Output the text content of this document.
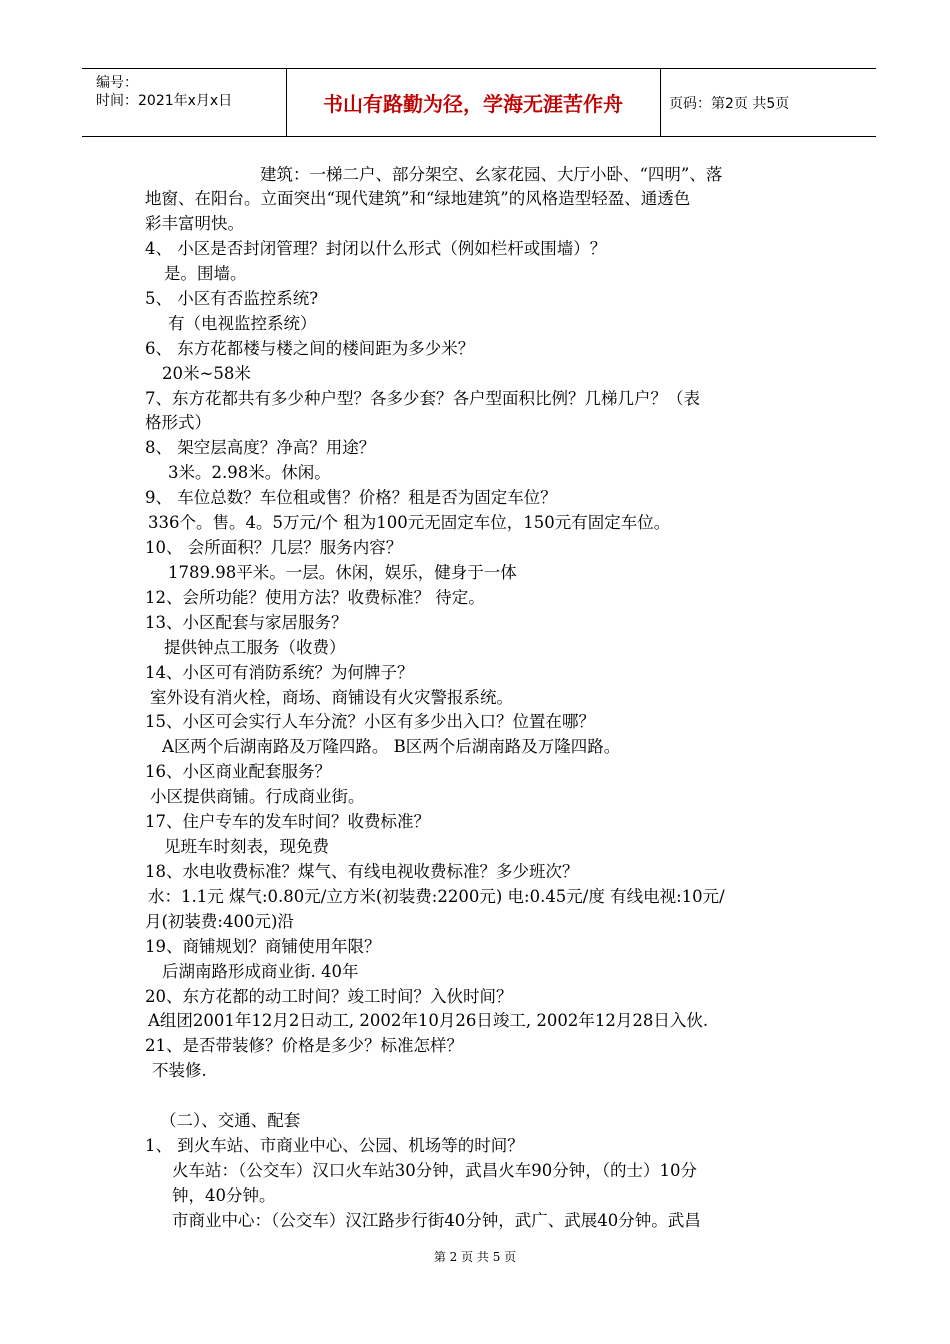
编号：
时间：2021年x月x日	书山有路勤为径，学海无涯苦作舟	页码：第2页 共5页
建筑：一梯二户、部分架空、幺家花园、大厅小卧、“四明”、落
地窗、在阳台。立面突出“现代建筑”和“绿地建筑”的风格造型轻盈、通透色
彩丰富明快。
4、 小区是否封闭管理？封闭以什么形式（例如栏杆或围墙）？
是。围墙。
5、 小区有否监控系统?
有（电视监控系统）
6、 东方花都楼与楼之间的楼间距为多少米？
20米~58米
7、东方花都共有多少种户型？各多少套？各户型面积比例？几梯几户？（表
格形式）
8、 架空层高度？净高？用途？
3米。2.98米。休闲。
9、 车位总数？车位租或售？价格？租是否为固定车位？
336个。售。4。5万元/个 租为100元无固定车位，150元有固定车位。
10、 会所面积？几层？服务内容？
1789.98平米。一层。休闲，娱乐，健身于一体
12、会所功能？使用方法？收费标准？ 待定。
13、小区配套与家居服务？
提供钟点工服务（收费）
14、小区可有消防系统？为何牌子？
室外设有消火栓，商场、商铺设有火灾警报系统。
15、小区可会实行人车分流？小区有多少出入口？位置在哪？
A区两个后湖南路及万隆四路。 B区两个后湖南路及万隆四路。
16、小区商业配套服务？
小区提供商铺。行成商业街。
17、住户专车的发车时间？收费标准？
见班车时刻表，现免费
18、水电收费标准？煤气、有线电视收费标准？多少班次？
水：1.1元 煤气:0.80元/立方米(初装费:2200元) 电:0.45元/度 有线电视:10元/
月(初装费:400元)沿
19、商铺规划？商铺使用年限？
后湖南路形成商业街. 40年
20、东方花都的动工时间？竣工时间？入伙时间？
A组团2001年12月2日动工, 2002年10月26日竣工, 2002年12月28日入伙.
21、是否带装修？价格是多少？标准怎样？
不装修.
（二）、交通、配套
1、 到火车站、市商业中心、公园、机场等的时间？
火车站：（公交车）汉口火车站30分钟，武昌火车90分钟，（的士）10分
钟，40分钟。
市商业中心：（公交车）汉江路步行街40分钟，武广、武展40分钟。武昌
第 2 页 共 5 页
